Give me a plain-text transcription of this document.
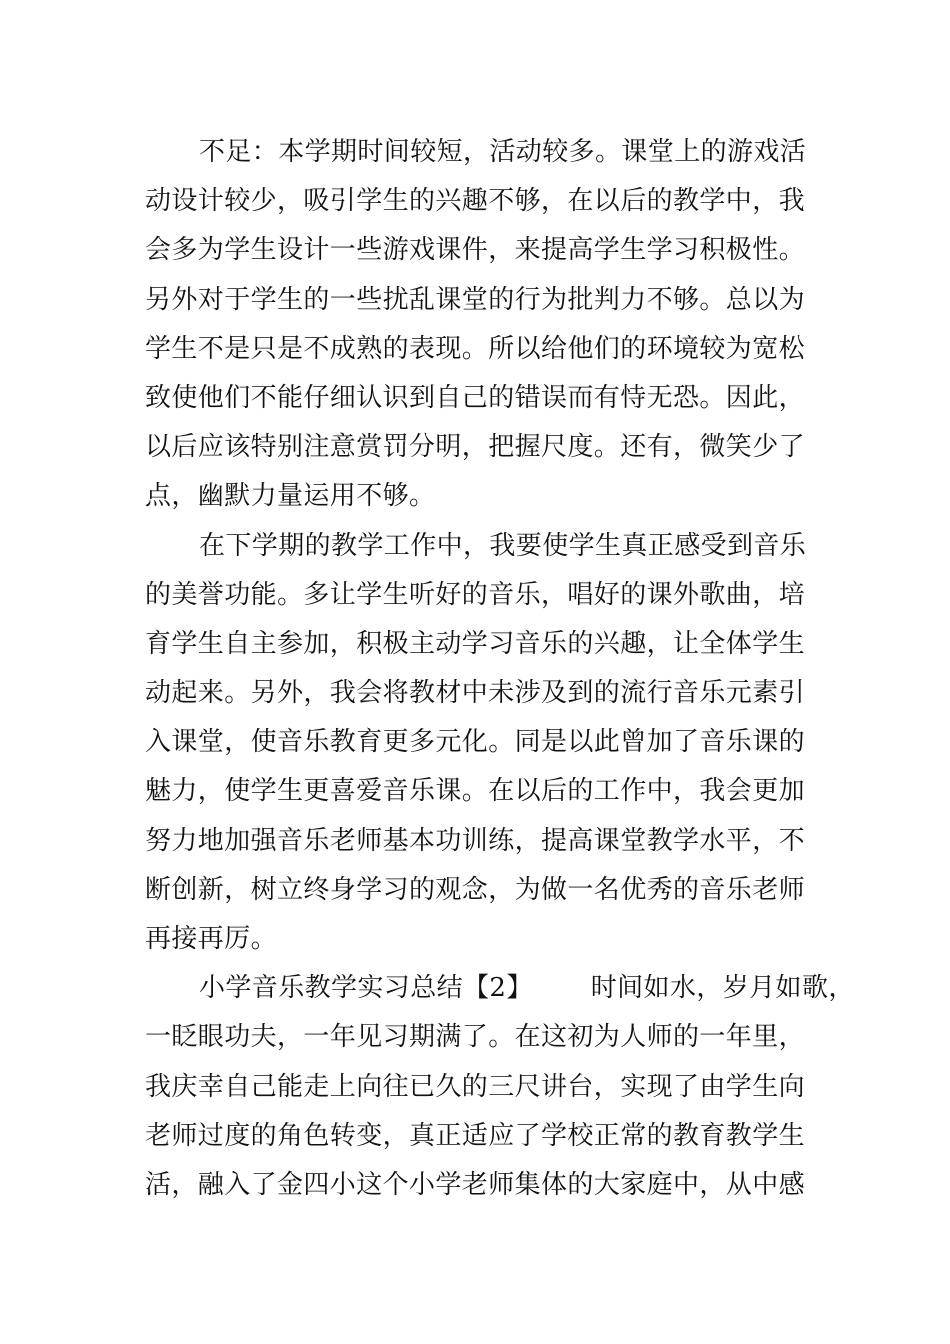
不足：本学期时间较短，活动较多。课堂上的游戏活
动设计较少，吸引学生的兴趣不够，在以后的教学中，我
会多为学生设计一些游戏课件，来提高学生学习积极性。
另外对于学生的一些扰乱课堂的行为批判力不够。总以为
学生不是只是不成熟的表现。所以给他们的环境较为宽松
致使他们不能仔细认识到自己的错误而有恃无恐。因此，
以后应该特别注意赏罚分明，把握尺度。还有，微笑少了
点，幽默力量运用不够。
在下学期的教学工作中，我要使学生真正感受到音乐
的美誉功能。多让学生听好的音乐，唱好的课外歌曲，培
育学生自主参加，积极主动学习音乐的兴趣，让全体学生
动起来。另外，我会将教材中未涉及到的流行音乐元素引
入课堂，使音乐教育更多元化。同是以此曾加了音乐课的
魅力，使学生更喜爱音乐课。在以后的工作中，我会更加
努力地加强音乐老师基本功训练，提高课堂教学水平，不
断创新，树立终身学习的观念，为做一名优秀的音乐老师
再接再厉。
小学音乐教学实习总结【2】 时间如水，岁月如歌，
一眨眼功夫，一年见习期满了。在这初为人师的一年里，
我庆幸自己能走上向往已久的三尺讲台，实现了由学生向
老师过度的角色转变，真正适应了学校正常的教育教学生
活，融入了金四小这个小学老师集体的大家庭中，从中感
